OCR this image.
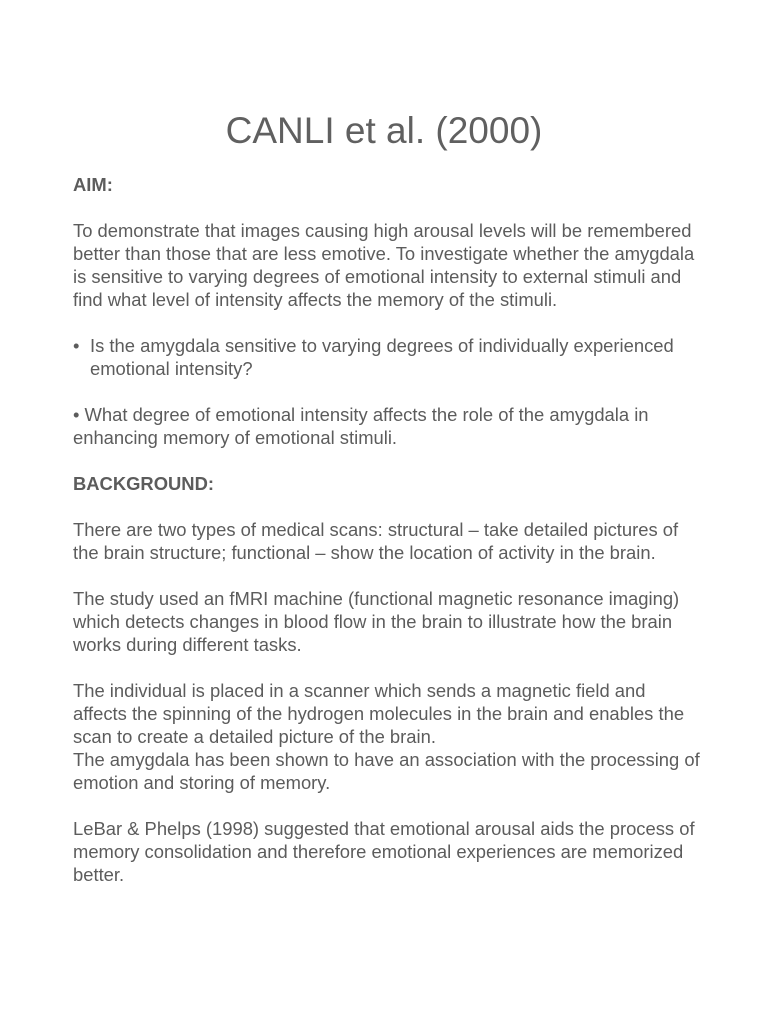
CANLI et al. (2000)

AIM:

To demonstrate that images causing high arousal levels will be remembered better than those that are less emotive. To investigate whether the amygdala is sensitive to varying degrees of emotional intensity to external stimuli and find what level of intensity affects the memory of the stimuli.

• Is the amygdala sensitive to varying degrees of individually experienced emotional intensity?

• What degree of emotional intensity affects the role of the amygdala in enhancing memory of emotional stimuli.

BACKGROUND:

There are two types of medical scans: structural – take detailed pictures of the brain structure; functional – show the location of activity in the brain.

The study used an fMRI machine (functional magnetic resonance imaging) which detects changes in blood flow in the brain to illustrate how the brain works during different tasks.

The individual is placed in a scanner which sends a magnetic field and affects the spinning of the hydrogen molecules in the brain and enables the scan to create a detailed picture of the brain.

The amygdala has been shown to have an association with the processing of emotion and storing of memory.

LeBar & Phelps (1998) suggested that emotional arousal aids the process of memory consolidation and therefore emotional experiences are memorized better.
